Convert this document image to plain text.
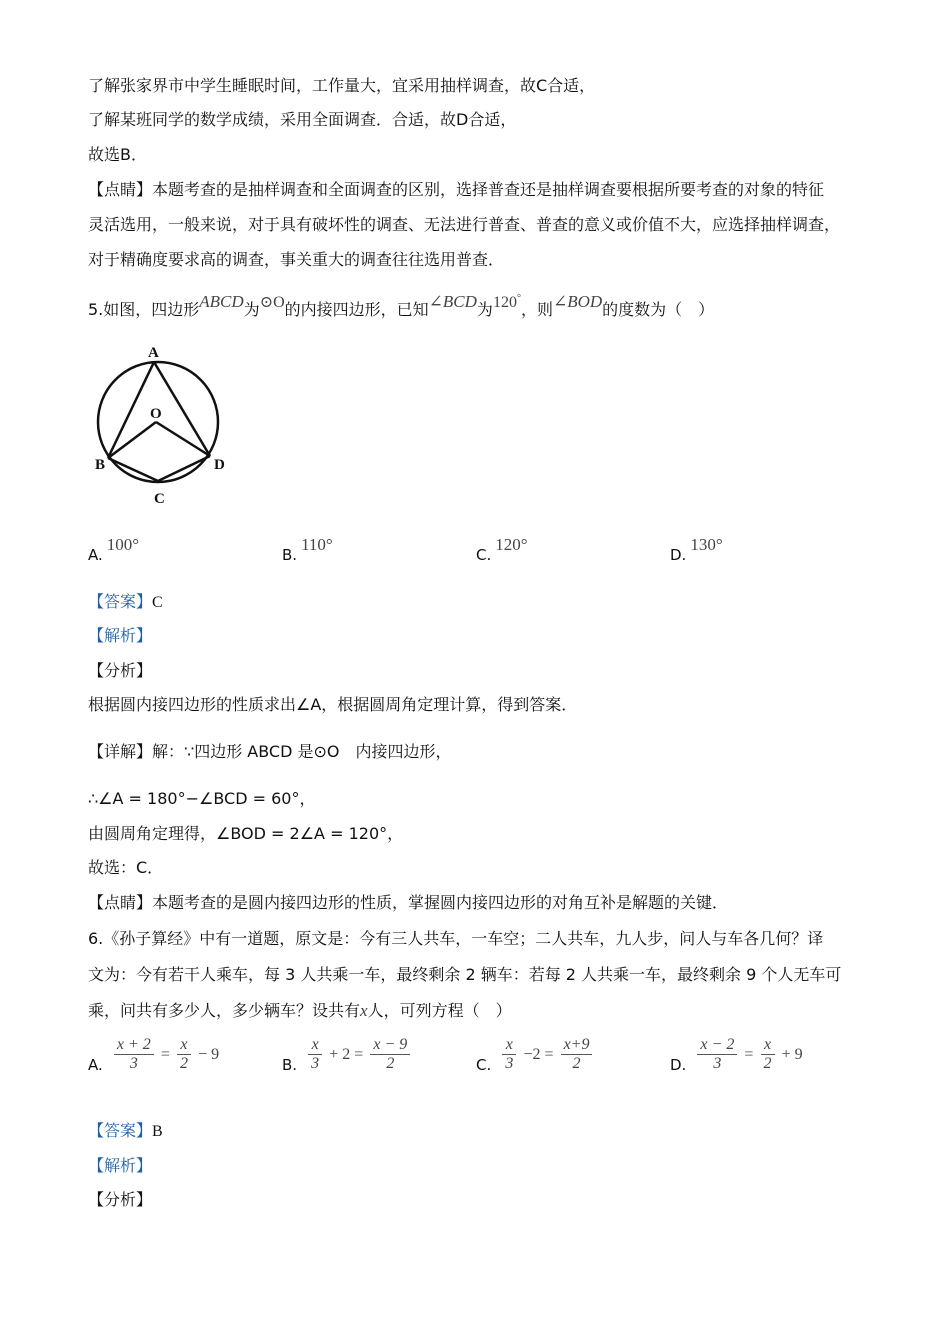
了解张家界市中学生睡眠时间，工作量大，宜采用抽样调查，故C合适，
了解某班同学的数学成绩，采用全面调查．合适，故D合适，
故选B．
【点睛】本题考查的是抽样调查和全面调查的区别，选择普查还是抽样调查要根据所要考查的对象的特征
灵活选用，一般来说，对于具有破坏性的调查、无法进行普查、普查的意义或价值不大，应选择抽样调查，
对于精确度要求高的调查，事关重大的调查往往选用普查．
5.如图，四边形ABCD为⊙O的内接四边形，已知∠BCD为120°，则∠BOD的度数为（　）
A
O
B	D
C
A.100°
B.110°
C.120°
D.130°
【答案】C
【解析】
【分析】
根据圆内接四边形的性质求出∠A，根据圆周角定理计算，得到答案．
【详解】解：∵四边形 ABCD 是⊙O　内接四边形，
∴∠A = 180°−∠BCD = 60°，
由圆周角定理得，∠BOD = 2∠A = 120°，
故选：C．
【点睛】本题考查的是圆内接四边形的性质，掌握圆内接四边形的对角互补是解题的关键．
6.《孙子算经》中有一道题，原文是：今有三人共车，一车空；二人共车，九人步，问人与车各几何？译
文为：今有若干人乘车，每 3 人共乘一车，最终剩余 2 辆车：若每 2 人共乘一车，最终剩余 9 个人无车可
乘，问共有多少人，多少辆车？设共有x人，可列方程（　）
A. $\frac{x + 2}{3} = \frac{x}{2} - 9$
B. $\frac{x}{3} + 2 = \frac{x - 9}{2}$	C. $\frac{x}{3} -2 = \frac{x+9}{2}$	D. $\frac{x - 2}{3} = \frac{x}{2} + 9$
【答案】B
【解析】
【分析】
